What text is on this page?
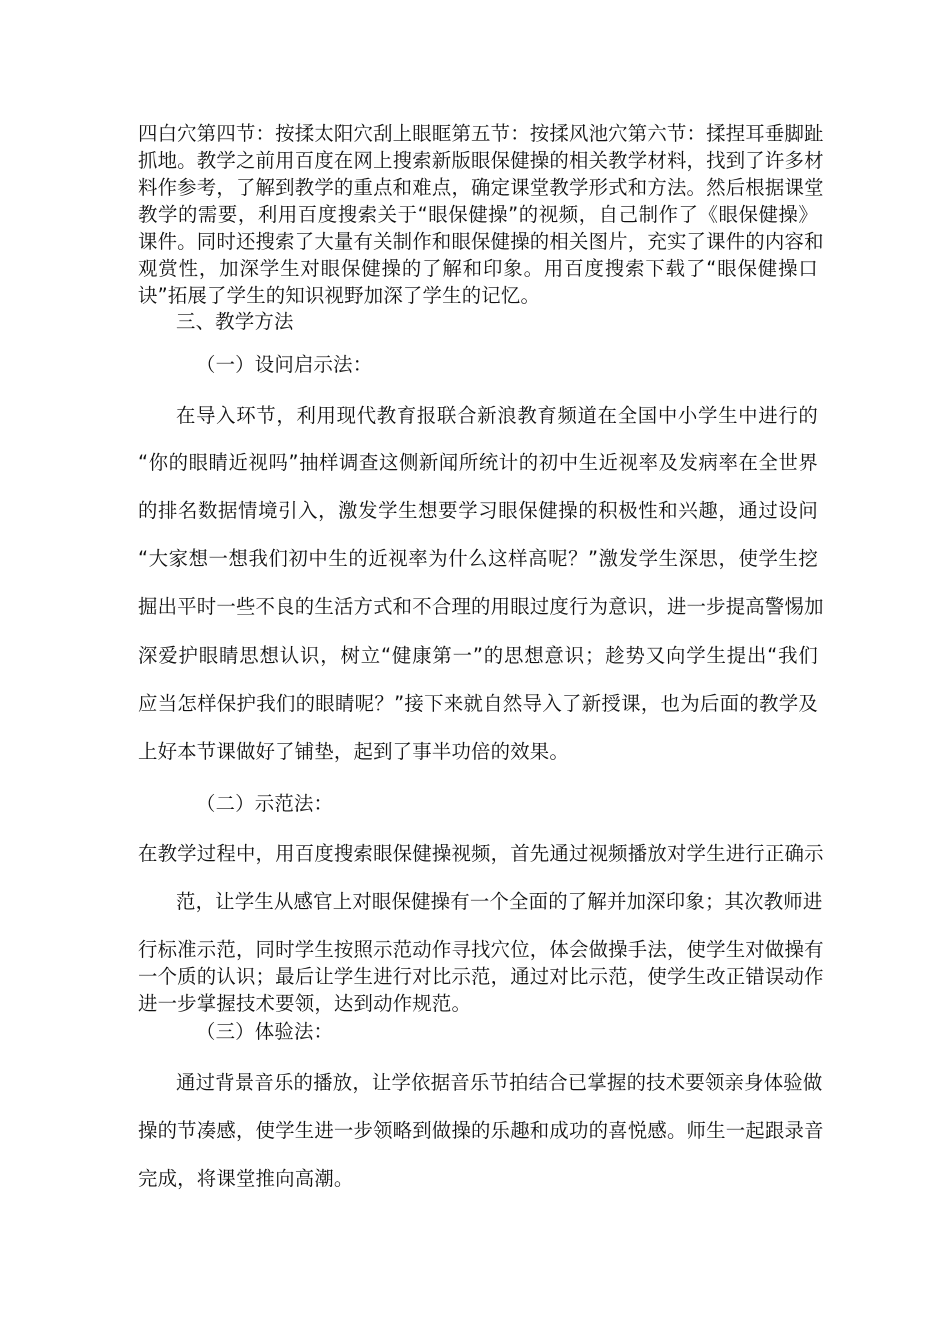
四白穴第四节：按揉太阳穴刮上眼眶第五节：按揉风池穴第六节：揉捏耳垂脚趾
抓地。教学之前用百度在网上搜索新版眼保健操的相关教学材料，找到了许多材
料作参考，了解到教学的重点和难点，确定课堂教学形式和方法。然后根据课堂
教学的需要，利用百度搜索关于“眼保健操”的视频，自己制作了《眼保健操》
课件。同时还搜索了大量有关制作和眼保健操的相关图片，充实了课件的内容和
观赏性，加深学生对眼保健操的了解和印象。用百度搜索下载了“眼保健操口
诀”拓展了学生的知识视野加深了学生的记忆。
三、教学方法
（一）设问启示法：
在导入环节，利用现代教育报联合新浪教育频道在全国中小学生中进行的
“你的眼睛近视吗”抽样调查这侧新闻所统计的初中生近视率及发病率在全世界
的排名数据情境引入，激发学生想要学习眼保健操的积极性和兴趣，通过设问
“大家想一想我们初中生的近视率为什么这样高呢？”激发学生深思，使学生挖
掘出平时一些不良的生活方式和不合理的用眼过度行为意识，进一步提高警惕加
深爱护眼睛思想认识，树立“健康第一”的思想意识；趁势又向学生提出“我们
应当怎样保护我们的眼睛呢？”接下来就自然导入了新授课，也为后面的教学及
上好本节课做好了铺垫，起到了事半功倍的效果。
（二）示范法：
在教学过程中，用百度搜索眼保健操视频，首先通过视频播放对学生进行正确示
范，让学生从感官上对眼保健操有一个全面的了解并加深印象；其次教师进
行标准示范，同时学生按照示范动作寻找穴位，体会做操手法，使学生对做操有
一个质的认识；最后让学生进行对比示范，通过对比示范，使学生改正错误动作
进一步掌握技术要领，达到动作规范。
（三）体验法：
通过背景音乐的播放，让学依据音乐节拍结合已掌握的技术要领亲身体验做
操的节凑感，使学生进一步领略到做操的乐趣和成功的喜悦感。师生一起跟录音
完成，将课堂推向高潮。
